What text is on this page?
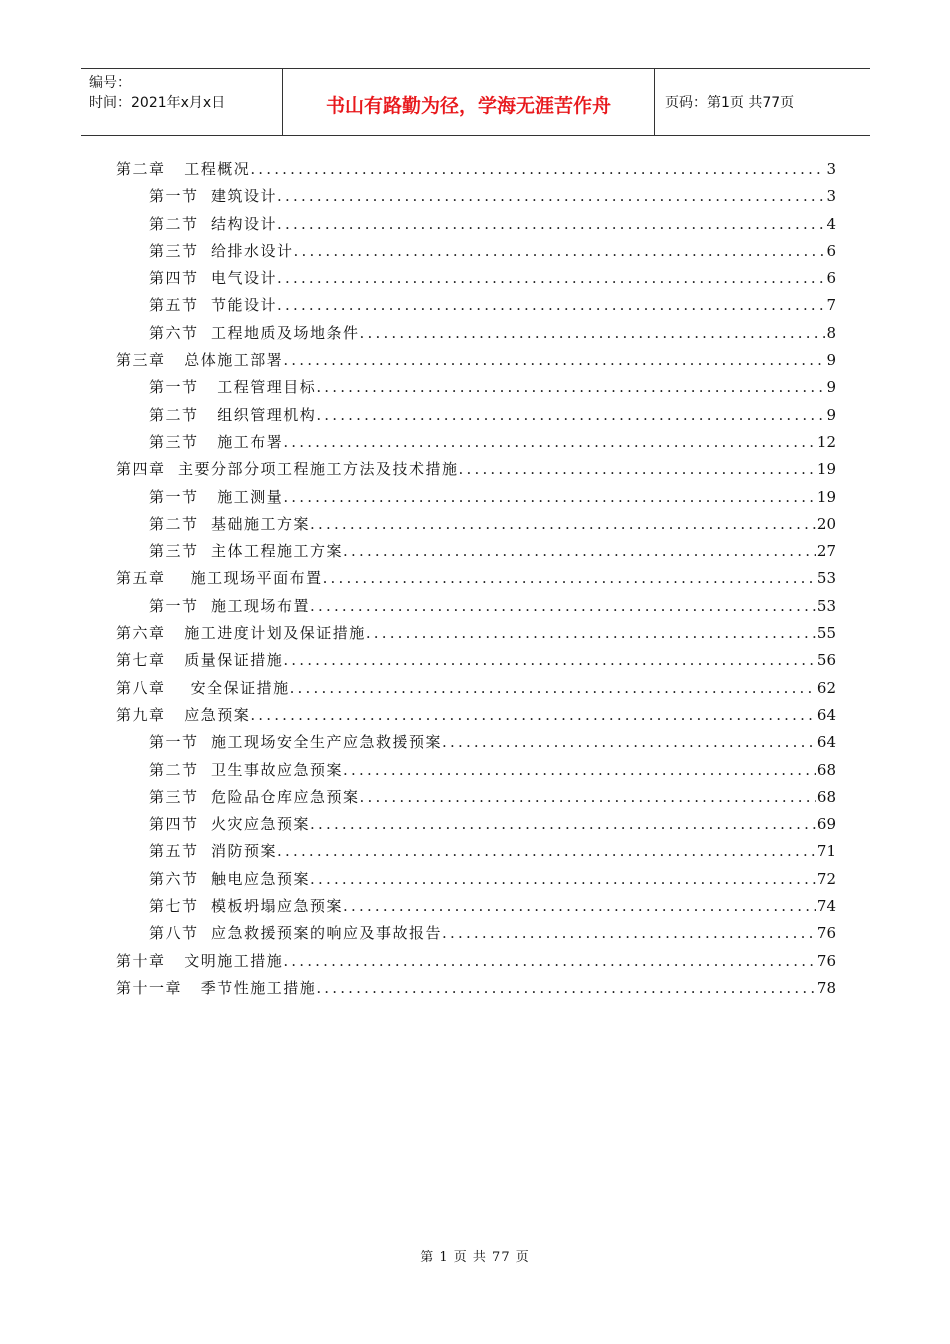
编号：
时间：2021年x月x日	书山有路勤为径，学海无涯苦作舟	页码：第1页 共77页
第二章   工程概况 .....	3
第一节  建筑设计 .....	3
第二节  结构设计 .....	4
第三节  给排水设计 .....	6
第四节  电气设计 .....	6
第五节  节能设计 .....	7
第六节  工程地质及场地条件 .....	8
第三章   总体施工部署 .....	9
第一节   工程管理目标 .....	9
第二节   组织管理机构 .....	9
第三节   施工布署 .....	12
第四章  主要分部分项工程施工方法及技术措施 .....	19
第一节   施工测量 .....	19
第二节  基础施工方案 .....	20
第三节  主体工程施工方案 .....	27
第五章    施工现场平面布置 .....	53
第一节  施工现场布置 .....	53
第六章   施工进度计划及保证措施 .....	55
第七章   质量保证措施 .....	56
第八章    安全保证措施 .....	62
第九章   应急预案 .....	64
第一节  施工现场安全生产应急救援预案 .....	64
第二节  卫生事故应急预案 .....	68
第三节  危险品仓库应急预案 .....	68
第四节  火灾应急预案 .....	69
第五节  消防预案 .....	71
第六节  触电应急预案 .....	72
第七节  模板坍塌应急预案 .....	74
第八节  应急救援预案的响应及事故报告 .....	76
第十章   文明施工措施 .....	76
第十一章   季节性施工措施 .....	78
第 1 页 共 77 页
